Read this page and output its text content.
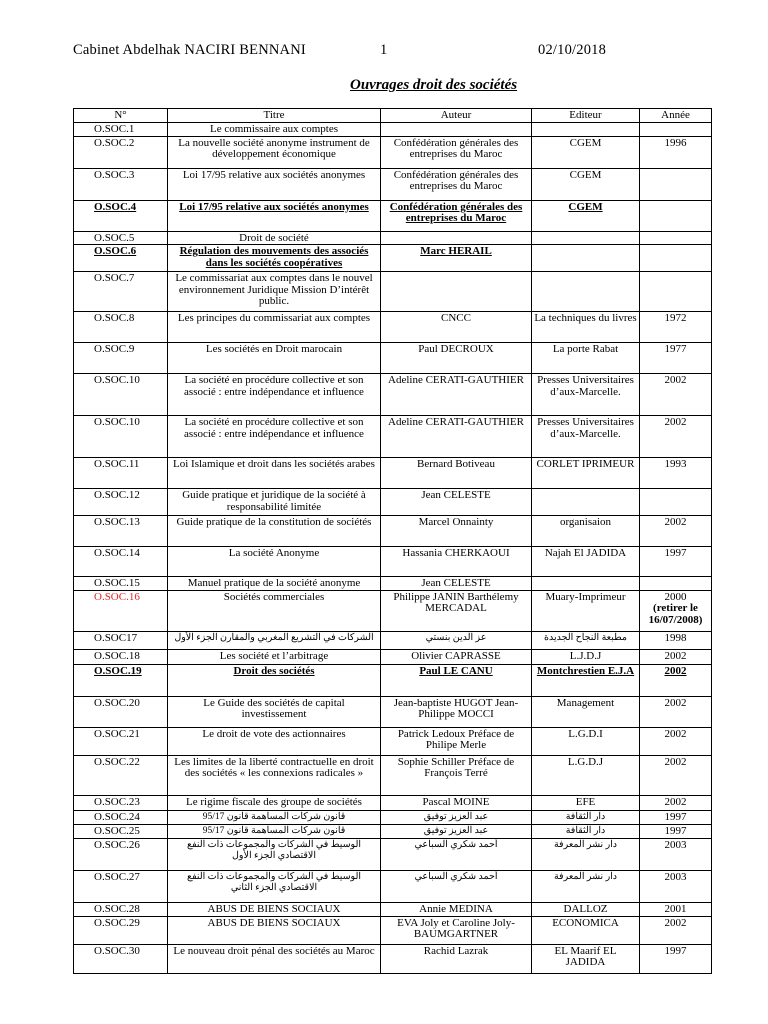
Cabinet Abdelhak NACIRI BENNANI	1	02/10/2018
Ouvrages droit des sociétés
N°	Titre	Auteur	Editeur	Année
O.SOC.1	Le commissaire aux comptes			
O.SOC.2	La nouvelle société anonyme instrument de développement économique	Confédération générales des entreprises du Maroc	CGEM	1996
O.SOC.3	Loi 17/95 relative aux sociétés anonymes	Confédération générales des entreprises du Maroc	CGEM	
O.SOC.4	Loi 17/95 relative aux sociétés anonymes	Confédération générales des entreprises du Maroc	CGEM	
O.SOC.5	Droit de société			
O.SOC.6	Régulation des mouvements des associés dans les sociétés coopératives	Marc HERAIL		
O.SOC.7	Le commissariat aux comptes dans le nouvel environnement Juridique Mission D’intérêt public.			
O.SOC.8	Les principes du commissariat aux comptes	CNCC	La techniques du livres	1972
O.SOC.9	Les sociétés en Droit marocain	Paul DECROUX	La porte Rabat	1977
O.SOC.10	La société en procédure collective et son associé : entre indépendance et influence	Adeline CERATI-GAUTHIER	Presses Universitaires d’aux-Marcelle.	2002
O.SOC.10	La société en procédure collective et son associé : entre indépendance et influence	Adeline CERATI-GAUTHIER	Presses Universitaires d’aux-Marcelle.	2002
O.SOC.11	Loi Islamique et droit dans les sociétés arabes	Bernard Botiveau	CORLET IPRIMEUR	1993
O.SOC.12	Guide pratique et juridique de la société à responsabilité limitée	Jean CELESTE		
O.SOC.13	Guide pratique de la constitution de sociétés	Marcel Onnainty	organisaion	2002
O.SOC.14	La société Anonyme	Hassania CHERKAOUI	Najah El JADIDA	1997
O.SOC.15	Manuel pratique de la société anonyme	Jean CELESTE		
O.SOC.16	Sociétés commerciales	Philippe JANIN Barthélemy MERCADAL	Muary-Imprimeur	2000
(retirer le 16/07/2008)
O.SOC17	الشركات في التشريع المغربي والمقارن الجزء الأول	عز الدين بنستي	مطبعة النجاح الجديدة	1998
O.SOC.18	Les société et l’arbitrage	Olivier CAPRASSE	L.J.D.J	2002
O.SOC.19	Droit des sociétés	Paul LE CANU	Montchrestien E.J.A	2002
O.SOC.20	Le Guide des sociétés de capital investissement	Jean-baptiste HUGOT Jean-Philippe MOCCI	Management	2002
O.SOC.21	Le droit de vote des actionnaires	Patrick Ledoux Préface de Philipe Merle	L.G.D.I	2002
O.SOC.22	Les limites de la liberté contractuelle en droit des sociétés « les connexions radicales »	Sophie Schiller Préface de François Terré	L.G.D.J	2002
O.SOC.23	Le rigime fiscale des groupe de sociétés	Pascal MOINE	EFE	2002
O.SOC.24	قانون شركات المساهمة قانون 95/17	عبد العزيز توفيق	دار الثقافة	1997
O.SOC.25	قانون شركات المساهمة قانون 95/17	عبد العزيز توفيق	دار الثقافة	1997
O.SOC.26	الوسيط في الشركات والمجموعات ذات النفع الاقتصادي الجزء الأول	أحمد شكري السباعي	دار نشر المعرفة	2003
O.SOC.27	الوسيط في الشركات والمجموعات ذات النفع الاقتصادي الجزء الثاني	أحمد شكري السباعي	دار نشر المعرفة	2003
O.SOC.28	ABUS DE BIENS SOCIAUX	Annie MEDINA	DALLOZ	2001
O.SOC.29	ABUS DE BIENS SOCIAUX	EVA Joly et Caroline Joly-BAUMGARTNER	ECONOMICA	2002
O.SOC.30	Le nouveau droit pénal des sociétés au Maroc	Rachid Lazrak	EL Maarif EL JADIDA	1997
